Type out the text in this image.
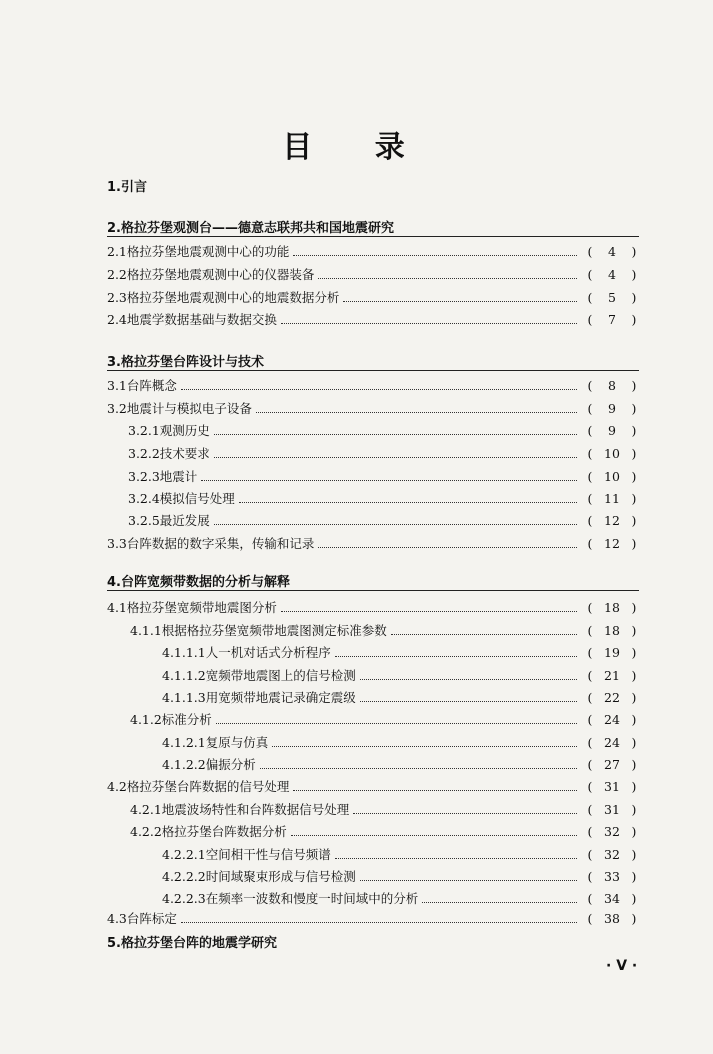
目 录
1.引言
2.格拉芬堡观测台——德意志联邦共和国地震研究
3.格拉芬堡台阵设计与技术
4.台阵宽频带数据的分析与解释
5.格拉芬堡台阵的地震学研究
2.1格拉芬堡地震观测中心的功能	(	4	)
2.2格拉芬堡地震观测中心的仪器装备	(	4	)
2.3格拉芬堡地震观测中心的地震数据分析	(	5	)
2.4地震学数据基础与数据交换	(	7	)
3.1台阵概念	(	8	)
3.2地震计与模拟电子设备	(	9	)
3.2.1观测历史	(	9	)
3.2.2技术要求	( 10 )
3.2.3地震计	( 10 )
3.2.4模拟信号处理	( 11 )
3.2.5最近发展	( 12 )
3.3台阵数据的数字采集，传输和记录	( 12 )
4.1格拉芬堡宽频带地震图分析	( 18 )
4.1.1根据格拉芬堡宽频带地震图测定标准参数	( 18 )
4.1.1.1人一机对话式分析程序	( 19 )
4.1.1.2宽频带地震图上的信号检测	( 21 )
4.1.1.3用宽频带地震记录确定震级	( 22 )
4.1.2标准分析	( 24 )
4.1.2.1复原与仿真	( 24 )
4.1.2.2偏振分析	( 27 )
4.2格拉芬堡台阵数据的信号处理	( 31 )
4.2.1地震波场特性和台阵数据信号处理	( 31 )
4.2.2格拉芬堡台阵数据分析	( 32 )
4.2.2.1空间相干性与信号频谱	( 32 )
4.2.2.2时间域聚束形成与信号检测	( 33 )
4.2.2.3在频率一波数和慢度一时间域中的分析	( 34 )
4.3台阵标定	( 38 )
· Ⅴ ·
